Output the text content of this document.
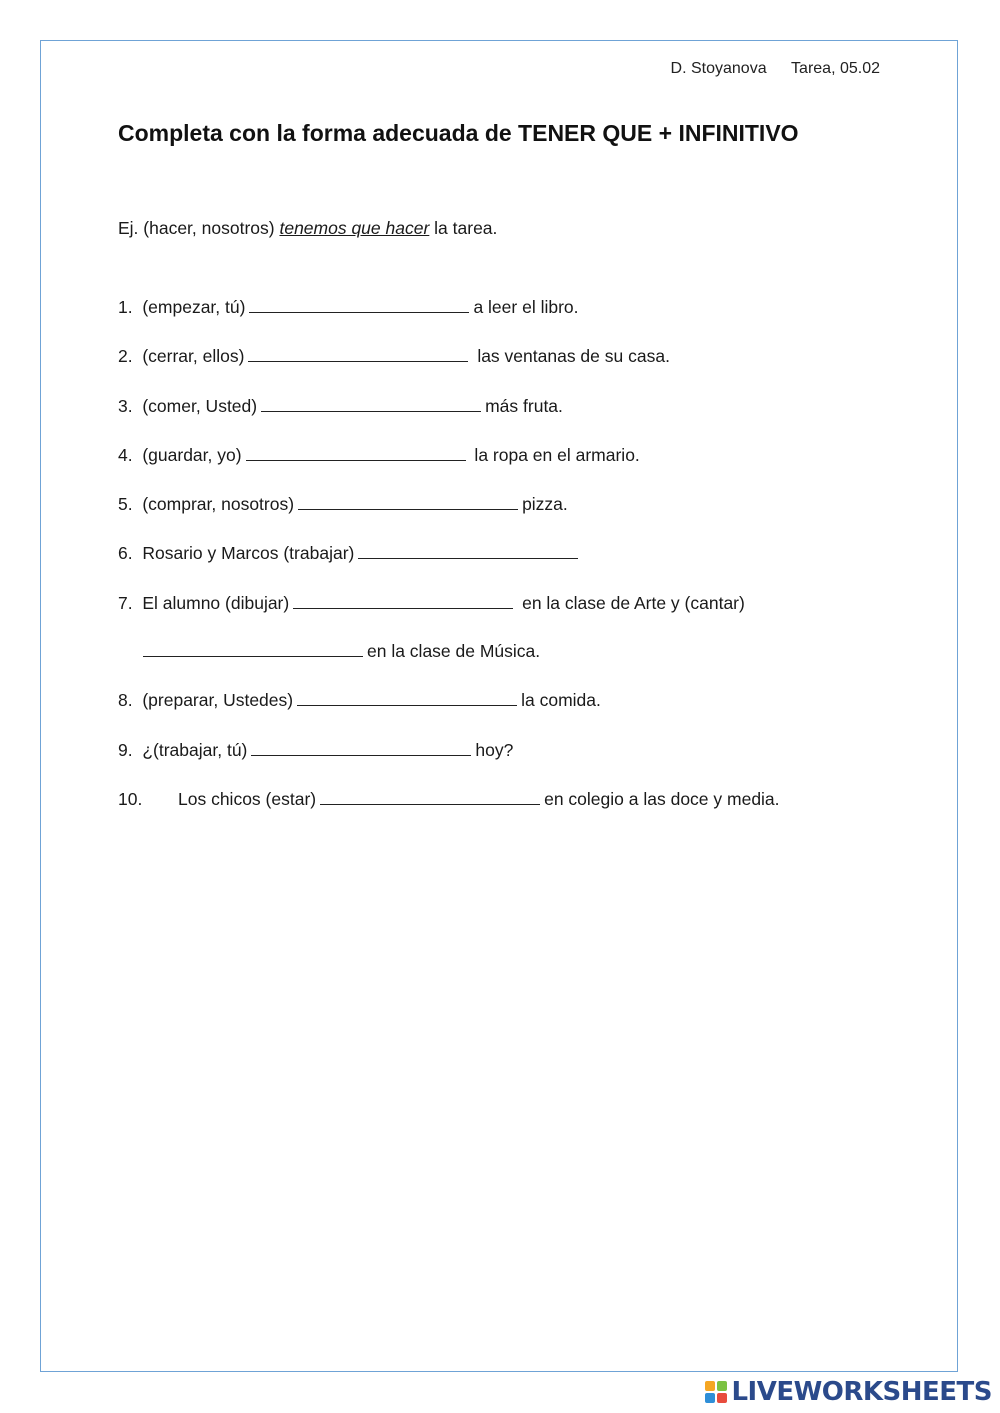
D. Stoyanova Tarea, 05.02
Completa con la forma adecuada de TENER QUE + INFINITIVO
Ej. (hacer, nosotros) tenemos que hacer la tarea.
1. (empezar, tú)	a leer el libro.
2. (cerrar, ellos)	las ventanas de su casa.
3. (comer, Usted)	más fruta.
4. (guardar, yo)	la ropa en el armario.
5. (comprar, nosotros)	pizza.
6. Rosario y Marcos (trabajar)
7. El alumno (dibujar)	en la clase de Arte y (cantar)
en la clase de Música.
8. (preparar, Ustedes)	la comida.
9. ¿(trabajar, tú)	hoy?
10. Los chicos (estar)	en colegio a las doce y media.
LIVEWORKSHEETS
